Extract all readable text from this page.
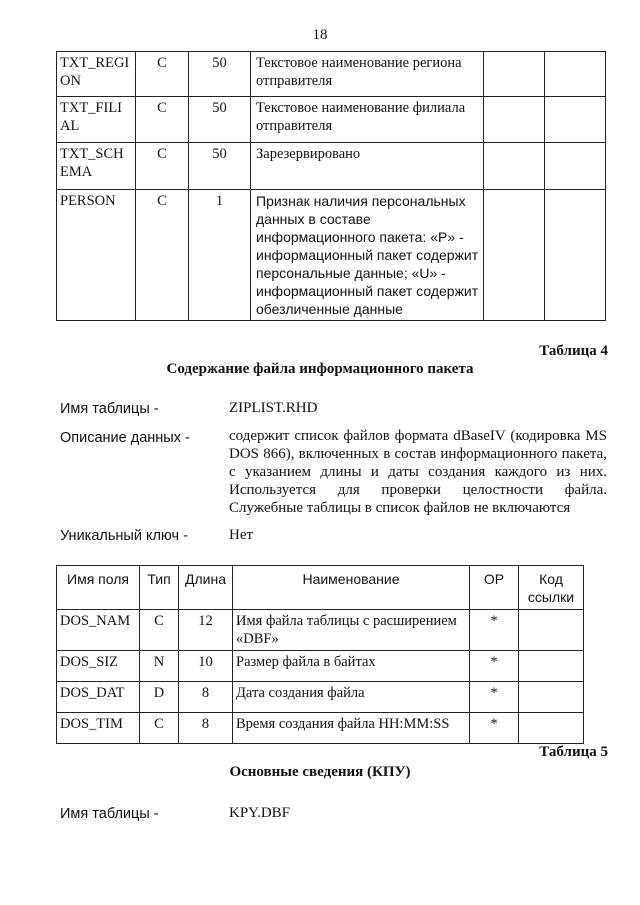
18
TXT_REGION	C	50	Текстовое наименование региона отправителя		
TXT_FILIAL	C	50	Текстовое наименование филиала отправителя		
TXT_SCHEMA	C	50	Зарезервировано		
PERSON	C	1	Признак наличия персональных данных в составе информационного пакета: «P» - информационный пакет содержит персональные данные; «U» - информационный пакет содержит обезличенные данные		
Таблица 4
Содержание файла информационного пакета
Имя таблицы -	ZIPLIST.RHD
Описание данных -	содержит список файлов формата dBaseIV (кодировка MS DOS 866), включенных в состав информационного пакета, с указанием длины и даты создания каждого из них. Используется для проверки целостности файла. Служебные таблицы в список файлов не включаются
Уникальный ключ -	Нет
Имя поля	Тип	Длина	Наименование	ОР	Код ссылки
DOS_NAM	C	12	Имя файла таблицы с расширением «DBF»	*	
DOS_SIZ	N	10	Размер файла в байтах	*	
DOS_DAT	D	8	Дата создания файла	*	
DOS_TIM	C	8	Время создания файла HH:MM:SS	*	
Таблица 5
Основные сведения (КПУ)
Имя таблицы -	KPY.DBF
